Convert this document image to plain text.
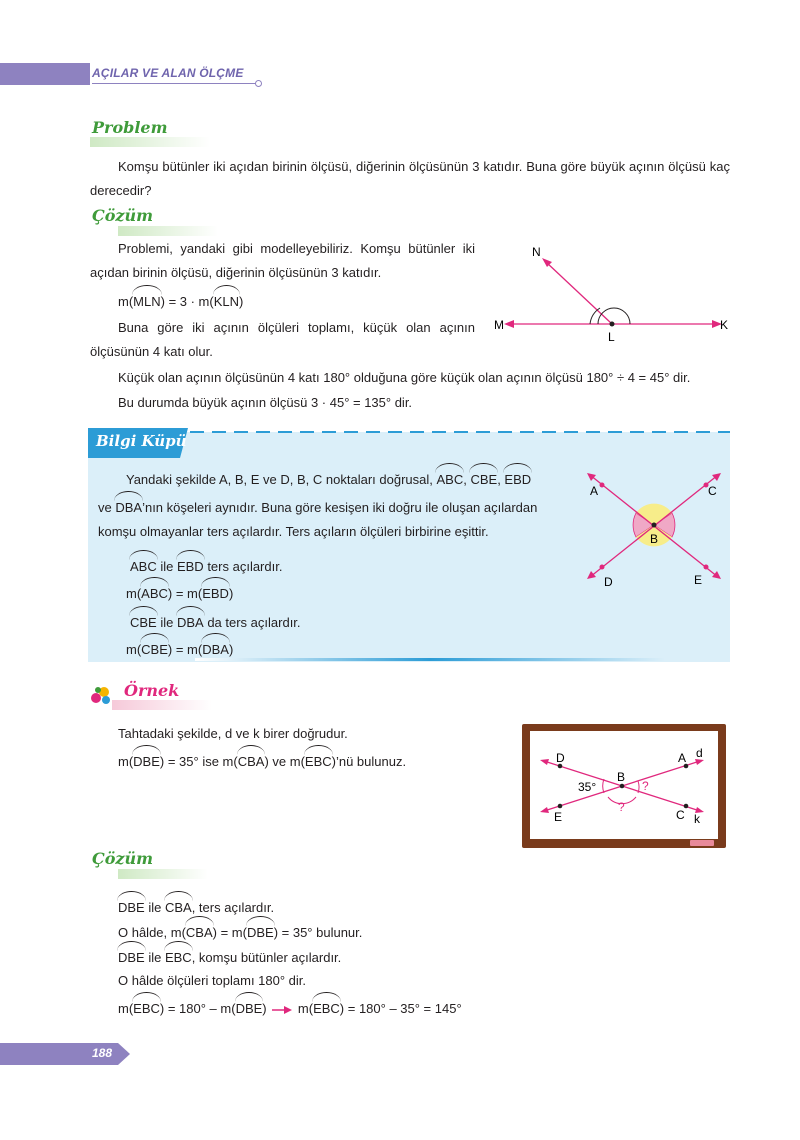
AÇILAR VE ALAN ÖLÇME
Problem
Komşu bütünler iki açıdan birinin ölçüsü, diğerinin ölçüsünün 3 katıdır. Buna göre büyük açının ölçüsü kaç derecedir?
Çözüm
Problemi, yandaki gibi modelleyebiliriz. Komşu bütünler iki açıdan birinin ölçüsü, diğerinin ölçüsünün 3 katıdır.
m(MLN) = 3 · m(KLN)
Buna göre iki açının ölçüleri toplamı, küçük olan açının ölçüsünün 4 katı olur.
Küçük olan açının ölçüsünün 4 katı 180° olduğuna göre küçük olan açının ölçüsü 180° ÷ 4 = 45° dir.
Bu durumda büyük açının ölçüsü 3 · 45° = 135° dir.
N
M
L
K
Bilgi Küpü
Yandaki şekilde A, B, E ve D, B, C noktaları doğrusal, ABC, CBE, EBD
ve DBA’nın köşeleri aynıdır. Buna göre kesişen iki doğru ile oluşan açılardan
komşu olmayanlar ters açılardır. Ters açıların ölçüleri birbirine eşittir.
ABC ile EBD ters açılardır.
m(ABC) = m(EBD)
CBE ile DBA da ters açılardır.
m(CBE) = m(DBA)
A	C
B
D	E
Örnek
Tahtadaki şekilde, d ve k birer doğrudur.
m(DBE) = 35° ise m(CBA) ve m(EBC)’nü bulunuz.	D	A d
B
35°	?
?
E	C k
Çözüm
DBE ile CBA, ters açılardır.
O hâlde, m(CBA) = m(DBE) = 35° bulunur.
DBE ile EBC, komşu bütünler açılardır.
O hâlde ölçüleri toplamı 180° dir.
m(EBC) = 180° – m(DBE)  m(EBC) = 180° – 35° = 145°
188
